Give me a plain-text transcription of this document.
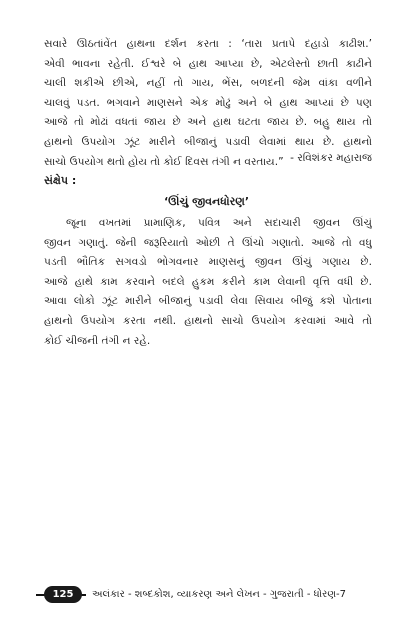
સવારે ઊઠતાંવેંત હાથના દર્શન કરતા : ‘તારા પ્રતાપે દહાડો કાઢીશ.’
એવી ભાવના રહેતી. ઈશ્વરે બે હાથ આપ્યા છે, એટલેસ્તો છાતી કાઢીને
ચાલી શકીએ છીએ, નહીં તો ગાય, ભેંસ, બળદની જેમ વાંકા વળીને
ચાલવું પડત. ભગવાને માણસને એક મોઢું અને બે હાથ આપ્યાં છે પણ
આજે તો મોઢાં વધતાં જાય છે અને હાથ ઘટતા જાય છે. બહુ થાય તો
હાથનો ઉપયોગ ઝૂંટ મારીને બીજાનું પડાવી લેવામાં થાય છે. હાથનો
સાચો ઉપયોગ થતો હોય તો કોઈ દિવસ તંગી ન વરતાય.” - રવિશંકર મહારાજ
સંક્ષેપ :
‘ઊંચું જીવનધોરણ’
જૂના વખતમાં પ્રામાણિક, પવિત્ર અને સદાચારી જીવન ઊંચું
જીવન ગણાતું. જેની જરૂરિયાતો ઓછી તે ઊંચો ગણાતો. આજે તો વધુ
પડતી ભૌતિક સગવડો ભોગવનાર માણસનું જીવન ઊંચું ગણાય છે.
આજે હાથે કામ કરવાને બદલે હુકમ કરીને કામ લેવાની વૃત્તિ વધી છે.
આવા લોકો ઝૂંટ મારીને બીજાનું પડાવી લેવા સિવાય બીજું કશે પોતાના
હાથનો ઉપયોગ કરતા નથી. હાથનો સાચો ઉપયોગ કરવામાં આવે તો
કોઈ ચીજની તંગી ન રહે.
125	અલંકાર - શબ્દકોશ, વ્યાકરણ અને લેખન - ગુજરાતી - ધોરણ-7
